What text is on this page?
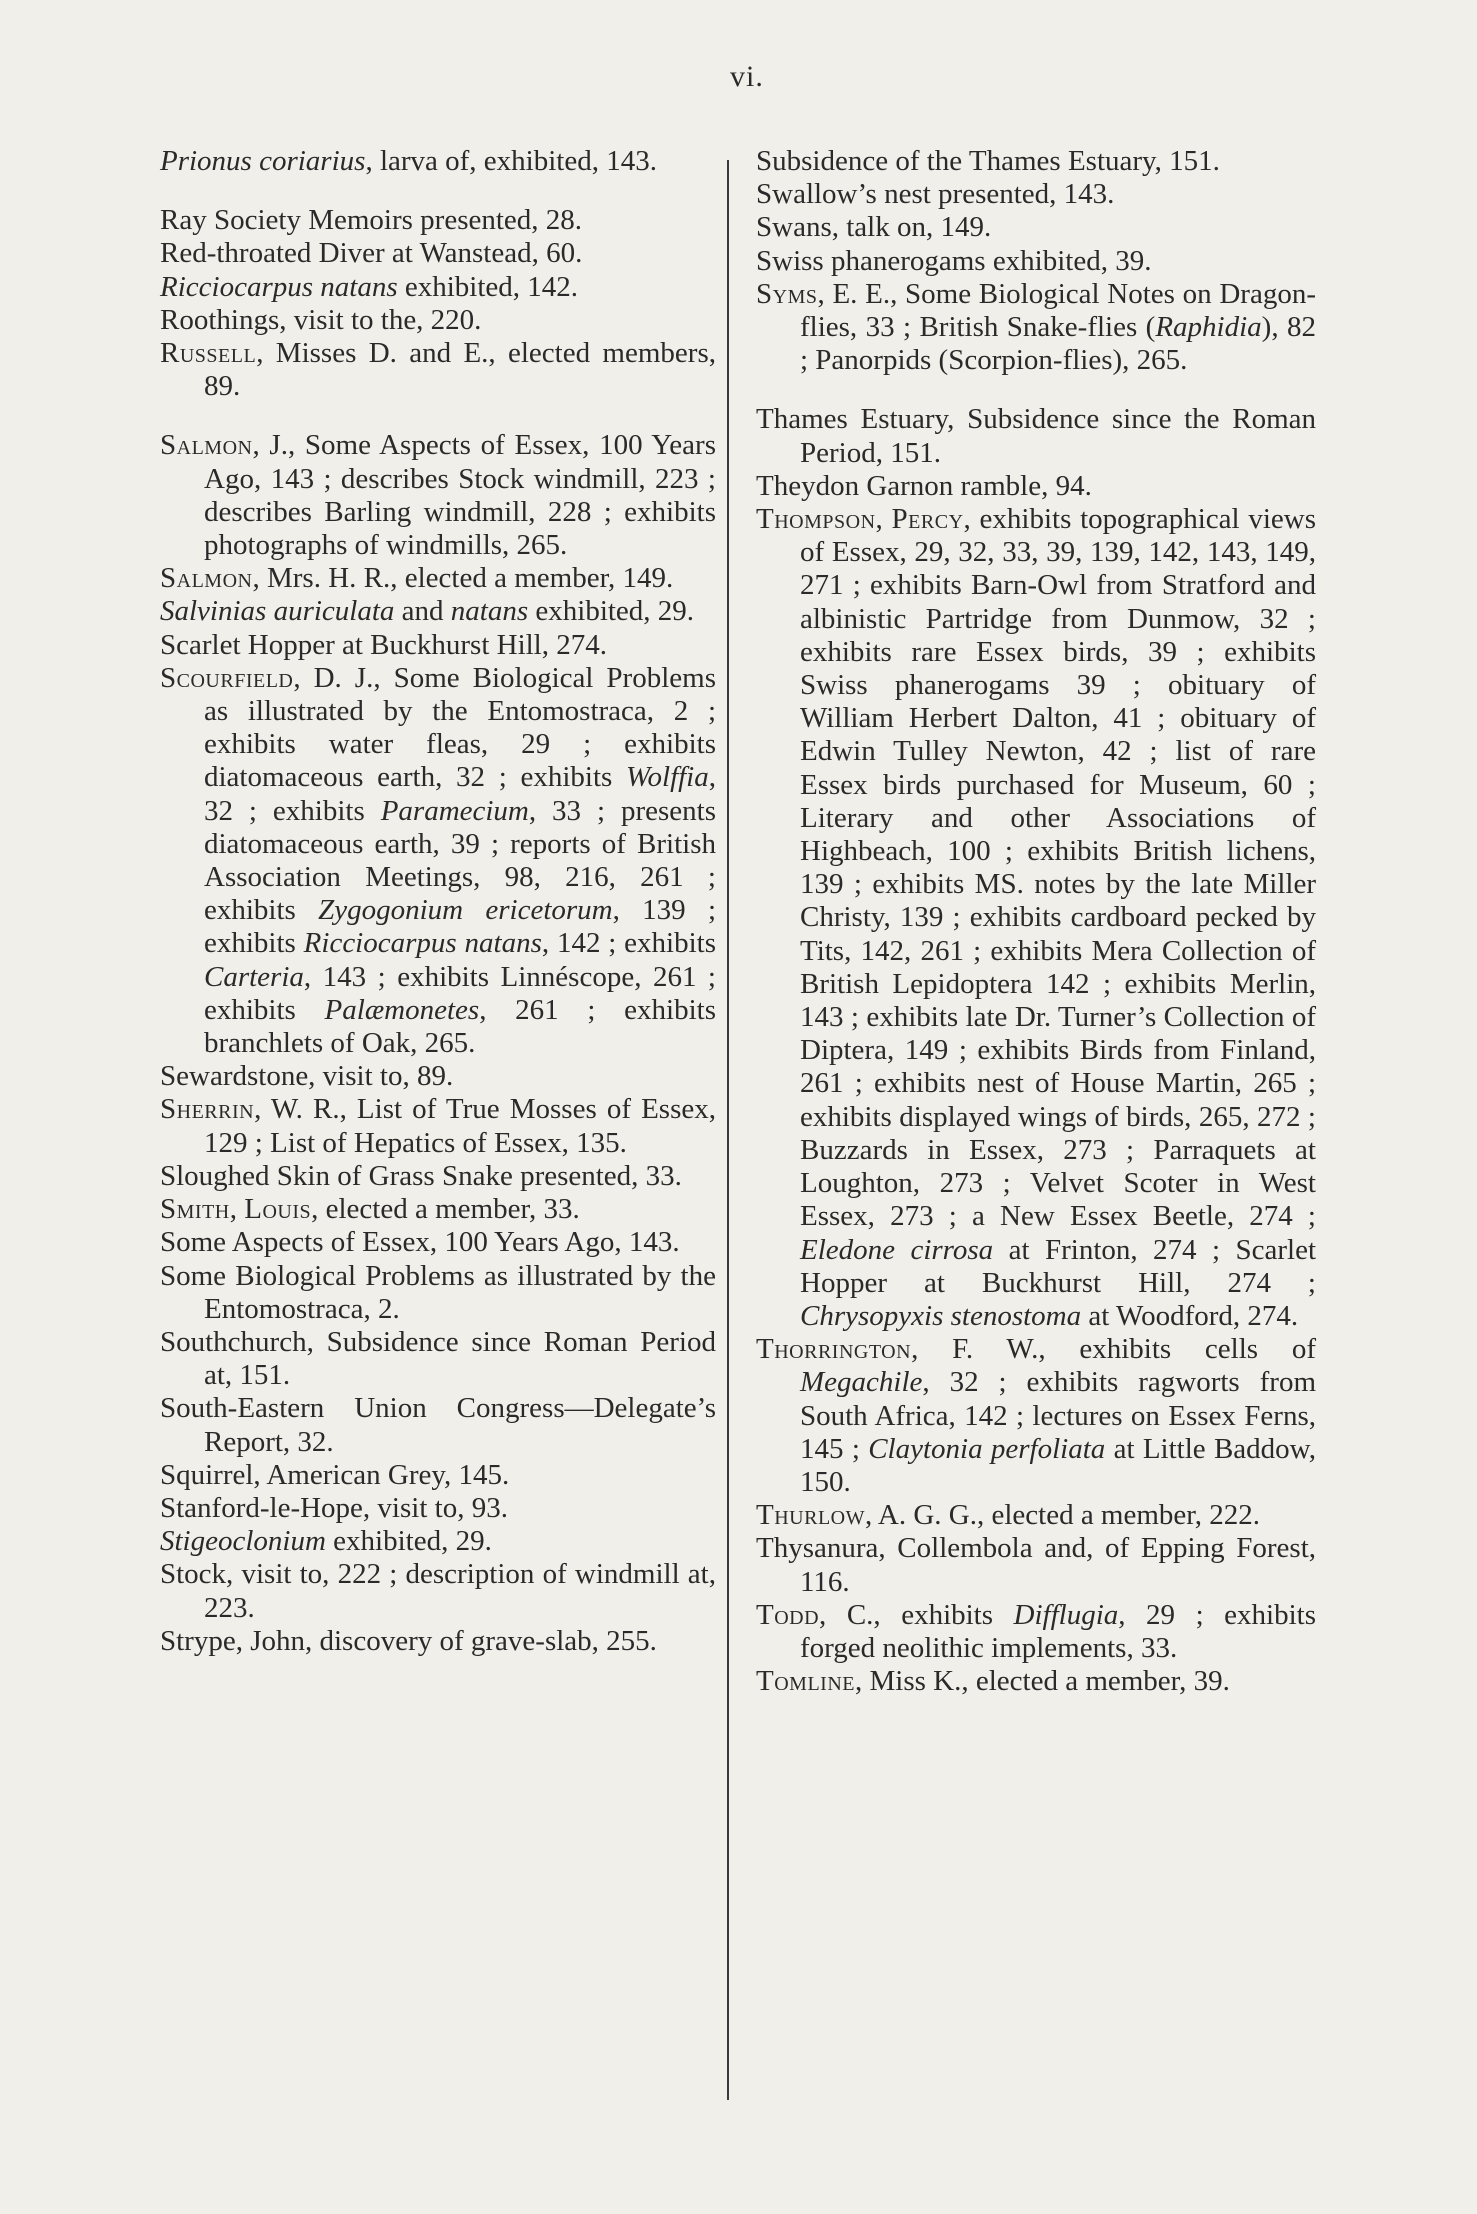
vi.

Prionus coriarius, larva of, exhibited, 143.

Ray Society Memoirs presented, 28.

Red-throated Diver at Wanstead, 60.

Ricciocarpus natans exhibited, 142.

Roothings, visit to the, 220.

Russell, Misses D. and E., elected members, 89.

Salmon, J., Some Aspects of Essex, 100 Years Ago, 143 ; describes Stock windmill, 223 ; describes Barling windmill, 228 ; exhibits photographs of windmills, 265.

Salmon, Mrs. H. R., elected a member, 149.

Salvinias auriculata and natans exhibited, 29.

Scarlet Hopper at Buckhurst Hill, 274.

Scourfield, D. J., Some Biological Problems as illustrated by the Entomostraca, 2 ; exhibits water fleas, 29 ; exhibits diatomaceous earth, 32 ; exhibits Wolffia, 32 ; exhibits Paramecium, 33 ; presents diatomaceous earth, 39 ; reports of British Association Meetings, 98, 216, 261 ; exhibits Zygogonium ericetorum, 139 ; exhibits Ricciocarpus natans, 142 ; exhibits Carteria, 143 ; exhibits Linnéscope, 261 ; exhibits Palæmonetes, 261 ; exhibits branchlets of Oak, 265.

Sewardstone, visit to, 89.

Sherrin, W. R., List of True Mosses of Essex, 129 ; List of Hepatics of Essex, 135.

Sloughed Skin of Grass Snake presented, 33.

Smith, Louis, elected a member, 33.

Some Aspects of Essex, 100 Years Ago, 143.

Some Biological Problems as illustrated by the Entomostraca, 2.

Southchurch, Subsidence since Roman Period at, 151.

South-Eastern Union Congress—Delegate’s Report, 32.

Squirrel, American Grey, 145.

Stanford-le-Hope, visit to, 93.

Stigeoclonium exhibited, 29.

Stock, visit to, 222 ; description of windmill at, 223.

Strype, John, discovery of grave-slab, 255.

Subsidence of the Thames Estuary, 151.

Swallow’s nest presented, 143.

Swans, talk on, 149.

Swiss phanerogams exhibited, 39.

Syms, E. E., Some Biological Notes on Dragon-flies, 33 ; British Snake-flies (Raphidia), 82 ; Panorpids (Scorpion-flies), 265.

Thames Estuary, Subsidence since the Roman Period, 151.

Theydon Garnon ramble, 94.

Thompson, Percy, exhibits topographical views of Essex, 29, 32, 33, 39, 139, 142, 143, 149, 271 ; exhibits Barn-Owl from Stratford and albinistic Partridge from Dunmow, 32 ; exhibits rare Essex birds, 39 ; exhibits Swiss phanerogams 39 ; obituary of William Herbert Dalton, 41 ; obituary of Edwin Tulley Newton, 42 ; list of rare Essex birds purchased for Museum, 60 ; Literary and other Associations of Highbeach, 100 ; exhibits British lichens, 139 ; exhibits MS. notes by the late Miller Christy, 139 ; exhibits cardboard pecked by Tits, 142, 261 ; exhibits Mera Collection of British Lepidoptera 142 ; exhibits Merlin, 143 ; exhibits late Dr. Turner’s Collection of Diptera, 149 ; exhibits Birds from Finland, 261 ; exhibits nest of House Martin, 265 ; exhibits displayed wings of birds, 265, 272 ; Buzzards in Essex, 273 ; Parraquets at Loughton, 273 ; Velvet Scoter in West Essex, 273 ; a New Essex Beetle, 274 ; Eledone cirrosa at Frinton, 274 ; Scarlet Hopper at Buckhurst Hill, 274 ; Chrysopyxis stenostoma at Woodford, 274.

Thorrington, F. W., exhibits cells of Megachile, 32 ; exhibits ragworts from South Africa, 142 ; lectures on Essex Ferns, 145 ; Claytonia perfoliata at Little Baddow, 150.

Thurlow, A. G. G., elected a member, 222.

Thysanura, Collembola and, of Epping Forest, 116.

Todd, C., exhibits Difflugia, 29 ; exhibits forged neolithic implements, 33.

Tomline, Miss K., elected a member, 39.
